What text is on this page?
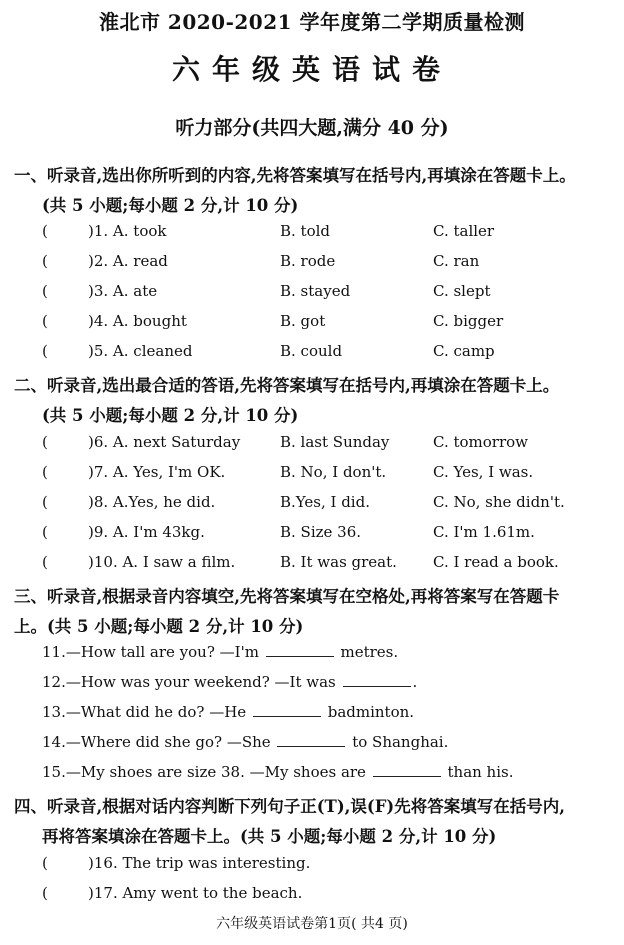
淮北市 2020-2021 学年度第二学期质量检测
六年级英语试卷
听力部分(共四大题,满分 40 分)
一、听录音,选出你所听到的内容,先将答案填写在括号内,再填涂在答题卡上。
(共 5 小题;每小题 2 分,计 10 分)
(	)1. A. took	B. told	C. taller
(	)2. A. read	B. rode	C. ran
(	)3. A. ate	B. stayed	C. slept
(	)4. A. bought	B. got	C. bigger
(	)5. A. cleaned	B. could	C. camp
二、听录音,选出最合适的答语,先将答案填写在括号内,再填涂在答题卡上。
(共 5 小题;每小题 2 分,计 10 分)
(	)6. A. next Saturday	B. last Sunday	C. tomorrow
(	)7. A. Yes, I'm OK.	B. No, I don't.	C. Yes, I was.
(	)8. A.Yes, he did.	B.Yes, I did.	C. No, she didn't.
(	)9. A. I'm 43kg.	B. Size 36.	C. I'm 1.61m.
(	)10. A. I saw a film.	B. It was great. C. I read a book.
三、听录音,根据录音内容填空,先将答案填写在空格处,再将答案写在答题卡
上。(共 5 小题;每小题 2 分,计 10 分)
11.—How tall are you? —I'm	metres.
12.—How was your weekend? —It was	.
13.—What did he do? —He	badminton.
14.—Where did she go? —She	to Shanghai.
15.—My shoes are size 38. —My shoes are	than his.
四、听录音,根据对话内容判断下列句子正(T),误(F)先将答案填写在括号内,
再将答案填涂在答题卡上。(共 5 小题;每小题 2 分,计 10 分)
(	)16. The trip was interesting.
(	)17. Amy went to the beach.
六年级英语试卷第1页( 共4 页)
